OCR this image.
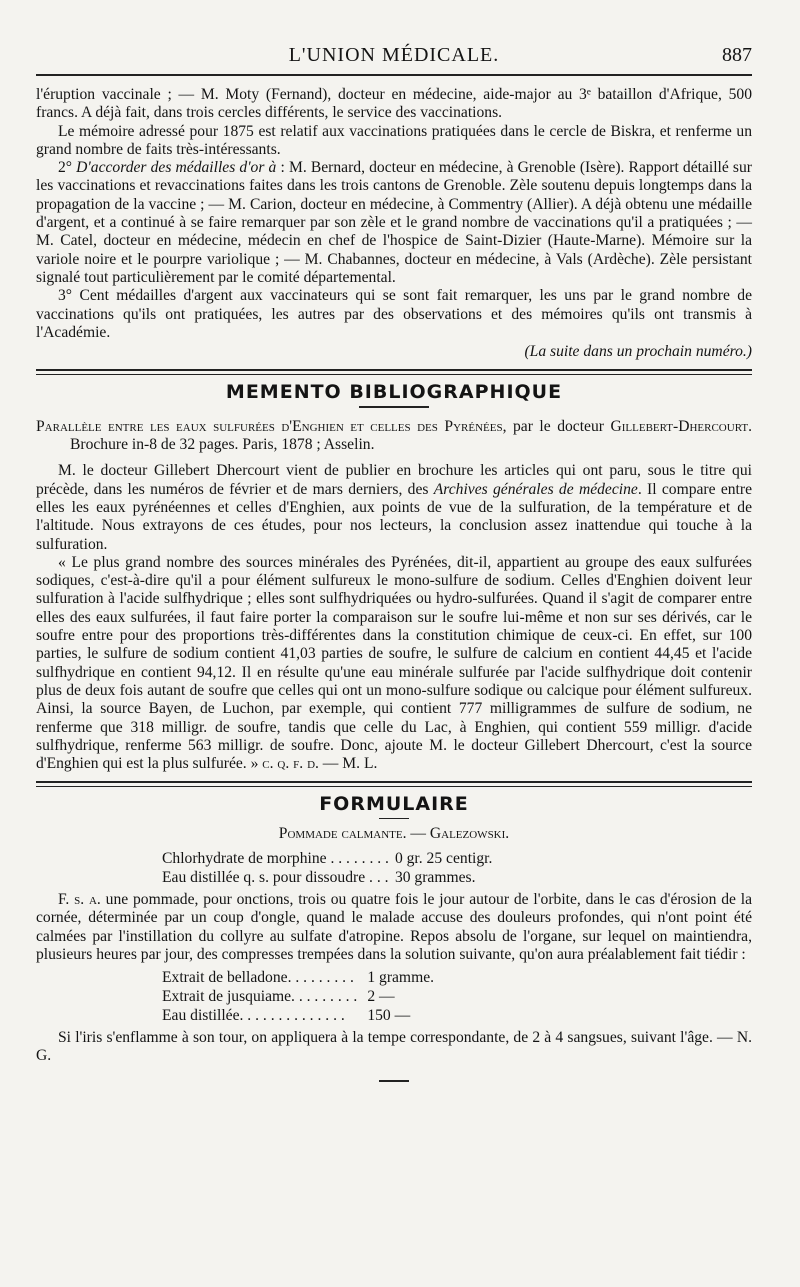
L'UNION MÉDICALE.	887

l'éruption vaccinale ; — M. Moty (Fernand), docteur en médecine, aide-major au 3ᵉ bataillon d'Afrique, 500 francs. A déjà fait, dans trois cercles différents, le service des vaccinations.

Le mémoire adressé pour 1875 est relatif aux vaccinations pratiquées dans le cercle de Biskra, et renferme un grand nombre de faits très-intéressants.

2° D'accorder des médailles d'or à : M. Bernard, docteur en médecine, à Grenoble (Isère). Rapport détaillé sur les vaccinations et revaccinations faites dans les trois cantons de Grenoble. Zèle soutenu depuis longtemps dans la propagation de la vaccine ; — M. Carion, docteur en médecine, à Commentry (Allier). A déjà obtenu une médaille d'argent, et a continué à se faire remarquer par son zèle et le grand nombre de vaccinations qu'il a pratiquées ; — M. Catel, docteur en médecine, médecin en chef de l'hospice de Saint-Dizier (Haute-Marne). Mémoire sur la variole noire et le pourpre variolique ; — M. Chabannes, docteur en médecine, à Vals (Ardèche). Zèle persistant signalé tout particulièrement par le comité départemental.

3° Cent médailles d'argent aux vaccinateurs qui se sont fait remarquer, les uns par le grand nombre de vaccinations qu'ils ont pratiquées, les autres par des observations et des mémoires qu'ils ont transmis à l'Académie.

(La suite dans un prochain numéro.)

MEMENTO BIBLIOGRAPHIQUE

Parallèle entre les eaux sulfurées d'Enghien et celles des Pyrénées, par le docteur Gillebert-Dhercourt. Brochure in-8 de 32 pages. Paris, 1878 ; Asselin.

M. le docteur Gillebert Dhercourt vient de publier en brochure les articles qui ont paru, sous le titre qui précède, dans les numéros de février et de mars derniers, des Archives générales de médecine. Il compare entre elles les eaux pyrénéennes et celles d'Enghien, aux points de vue de la sulfuration, de la température et de l'altitude. Nous extrayons de ces études, pour nos lecteurs, la conclusion assez inattendue qui touche à la sulfuration.

« Le plus grand nombre des sources minérales des Pyrénées, dit-il, appartient au groupe des eaux sulfurées sodiques, c'est-à-dire qu'il a pour élément sulfureux le mono-sulfure de sodium. Celles d'Enghien doivent leur sulfuration à l'acide sulfhydrique ; elles sont sulfhydriquées ou hydro-sulfurées. Quand il s'agit de comparer entre elles des eaux sulfurées, il faut faire porter la comparaison sur le soufre lui-même et non sur ses dérivés, car le soufre entre pour des proportions très-différentes dans la constitution chimique de ceux-ci. En effet, sur 100 parties, le sulfure de sodium contient 41,03 parties de soufre, le sulfure de calcium en contient 44,45 et l'acide sulfhydrique en contient 94,12. Il en résulte qu'une eau minérale sulfurée par l'acide sulfhydrique doit contenir plus de deux fois autant de soufre que celles qui ont un mono-sulfure sodique ou calcique pour élément sulfureux. Ainsi, la source Bayen, de Luchon, par exemple, qui contient 777 milligrammes de sulfure de sodium, ne renferme que 318 milligr. de soufre, tandis que celle du Lac, à Enghien, qui contient 559 milligr. d'acide sulfhydrique, renferme 563 milligr. de soufre. Donc, ajoute M. le docteur Gillebert Dhercourt, c'est la source d'Enghien qui est la plus sulfurée. » c. q. f. d. — M. L.

FORMULAIRE
Pommade calmante. — Galezowski.
Chlorhydrate de morphine . . . . . . . .	0 gr. 25 centigr.
Eau distillée q. s. pour dissoudre . . .	30 grammes.

F. s. a. une pommade, pour onctions, trois ou quatre fois le jour autour de l'orbite, dans le cas d'érosion de la cornée, déterminée par un coup d'ongle, quand le malade accuse des douleurs profondes, qui n'ont point été calmées par l'instillation du collyre au sulfate d'atropine. Repos absolu de l'organe, sur lequel on maintiendra, plusieurs heures par jour, des compresses trempées dans la solution suivante, qu'on aura préalablement fait tiédir :

Extrait de belladone. . . . . . . . .	1 gramme.
Extrait de jusquiame. . . . . . . . .	2 —
Eau distillée. . . . . . . . . . . . . .	150 —

Si l'iris s'enflamme à son tour, on appliquera à la tempe correspondante, de 2 à 4 sangsues, suivant l'âge. — N. G.
